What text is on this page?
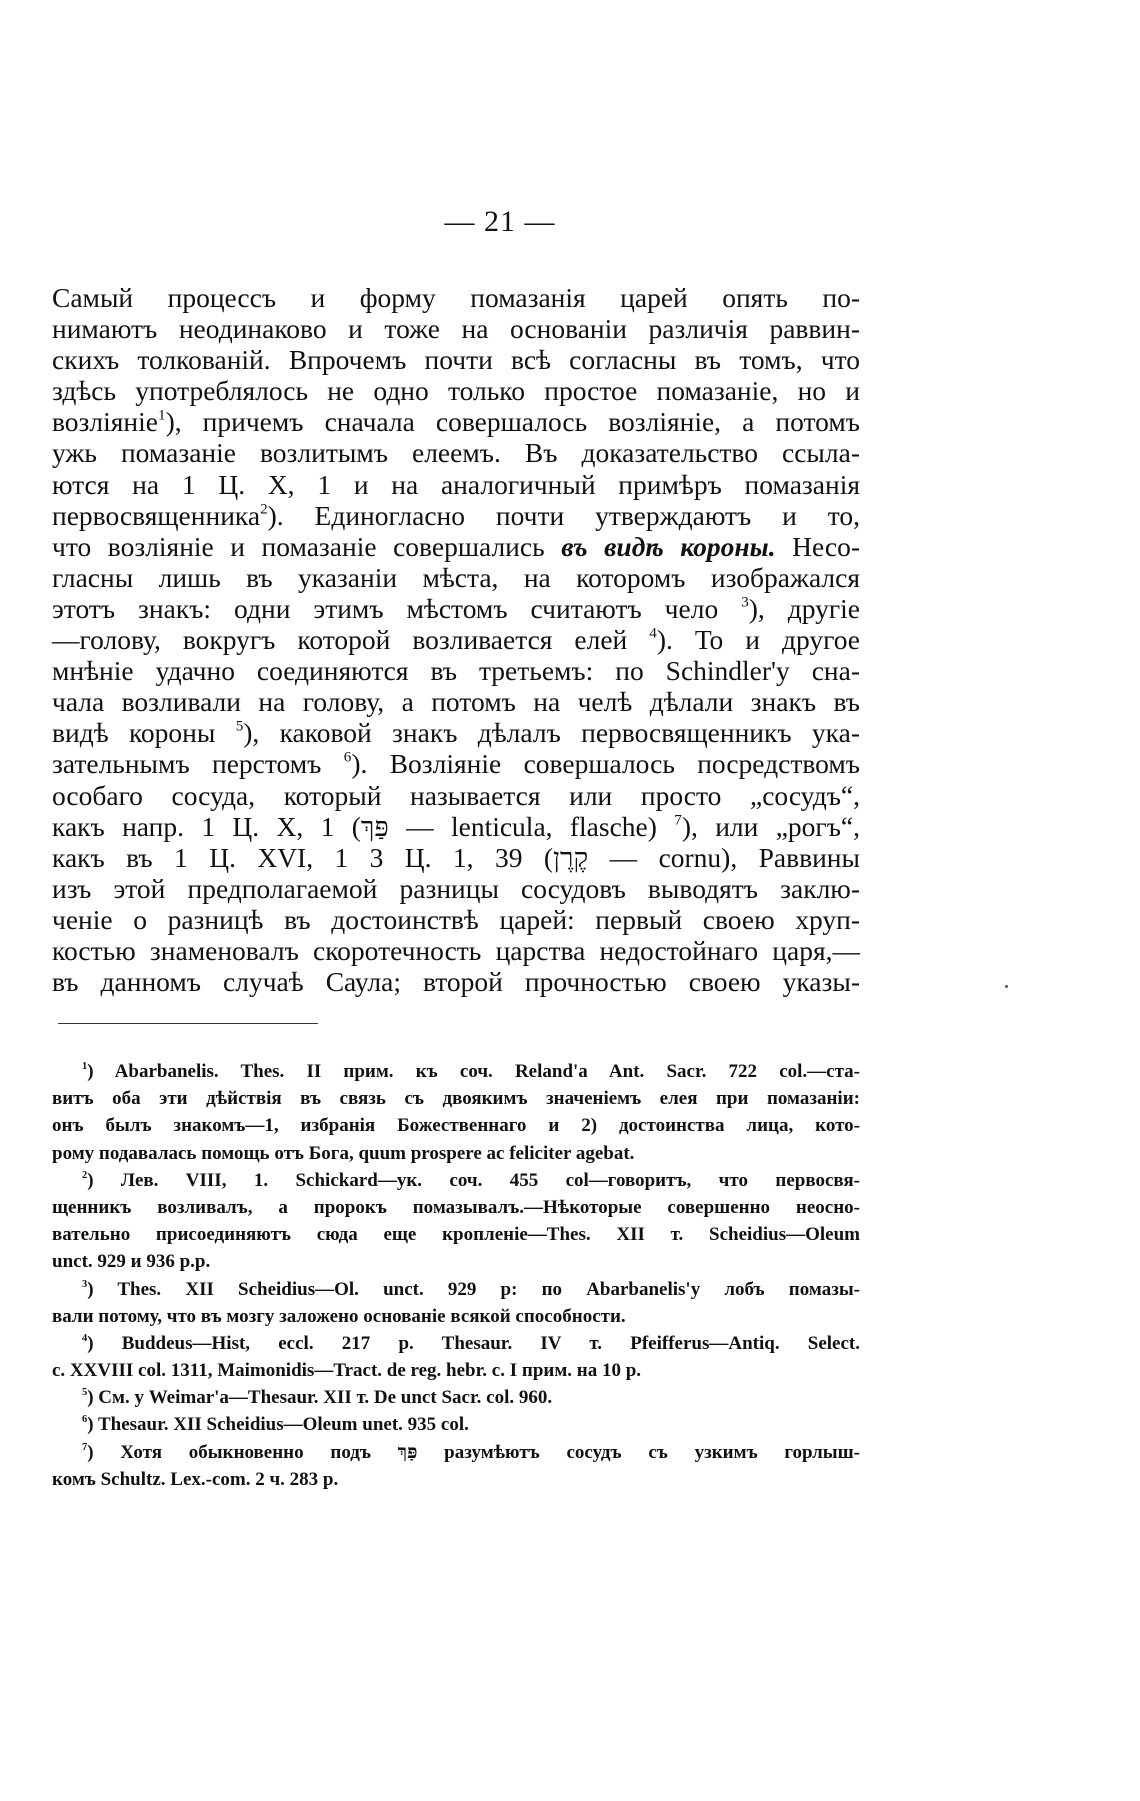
— 21 —
Самый процессъ и форму помазанія царей опять по-
нимаютъ неодинаково и тоже на основаніи различія раввин-
скихъ толкованій. Впрочемъ почти всѣ согласны въ томъ, что
здѣсь употреблялось не одно только простое помазаніе, но и
возліяніе$^1$), причемъ сначала совершалось возліяніе, а потомъ
ужь помазаніе возлитымъ елеемъ. Въ доказательство ссыла-
ются на 1 Ц. X, 1 и на аналогичный примѣръ помазанія
первосвященника$^2$). Единогласно почти утверждаютъ и то,
что возліяніе и помазаніе совершались въ видѣ короны. Несо-
гласны лишь въ указаніи мѣста, на которомъ изображался
этотъ знакъ: одни этимъ мѣстомъ считаютъ чело $^3$), другіе
—голову, вокругъ которой возливается елей $^4$). То и другое
мнѣніе удачно соединяются въ третьемъ: по Schindler'у сна-
чала возливали на голову, а потомъ на челѣ дѣлали знакъ въ
видѣ короны $^5$), каковой знакъ дѣлалъ первосвященникъ ука-
зательнымъ перстомъ $^6$). Возліяніе совершалось посредствомъ
особаго сосуда, который называется или просто „сосудъ“,
какъ напр. 1 Ц. X, 1 (פַּךְ — lenticula, flasche) $^7$), или „рогъ“,
какъ въ 1 Ц. XVI, 1 3 Ц. 1, 39 (קֶרֶן — cornu), Раввины
изъ этой предполагаемой разницы сосудовъ выводятъ заклю-
ченіе о разницѣ въ достоинствѣ царей: первый своею хруп-
костью знаменовалъ скоротечность царства недостойнаго царя,—
въ данномъ случаѣ Саула; второй прочностью своею указы-
$^1$) Abarbanelis. Thes. II прим. къ соч. Reland'a Ant. Sacr. 722 col.—ста-
витъ оба эти дѣйствія въ связь съ двоякимъ значеніемъ елея при помазаніи:
онъ былъ знакомъ—1, избранія Божественнаго и 2) достоинства лица, кото-
рому подавалась помощь отъ Бога, quum prospere ac feliciter agebat.
$^2$) Лев. VIII, 1. Schickard—ук. соч. 455 col—говоритъ, что первосвя-
щенникъ возливалъ, а пророкъ помазывалъ.—Нѣкоторые совершенно неосно-
вательно присоединяютъ сюда еще кропленіе—Thes. XII т. Scheidius—Oleum
unct. 929 и 936 p.p.
$^3$) Thes. XII Scheidius—Ol. unct. 929 p: по Abarbanelis'у лобъ помазы-
вали потому, что въ мозгу заложено основаніе всякой способности.
$^4$) Buddeus—Hist, eccl. 217 p. Thesaur. IV т. Pfeifferus—Antiq. Select.
c. XXVIII col. 1311, Maimonidis—Tract. de reg. hebr. c. I прим. на 10 p.
$^5$) См. у Weimar'a—Thesaur. XII т. De unct Sacr. col. 960.
$^6$) Thesaur. XII Scheidius—Oleum unet. 935 col.
$^7$) Хотя обыкновенно подъ פַּךְ разумѣютъ сосудъ съ узкимъ горлыш-
комъ Schultz. Lex.-com. 2 ч. 283 p.
